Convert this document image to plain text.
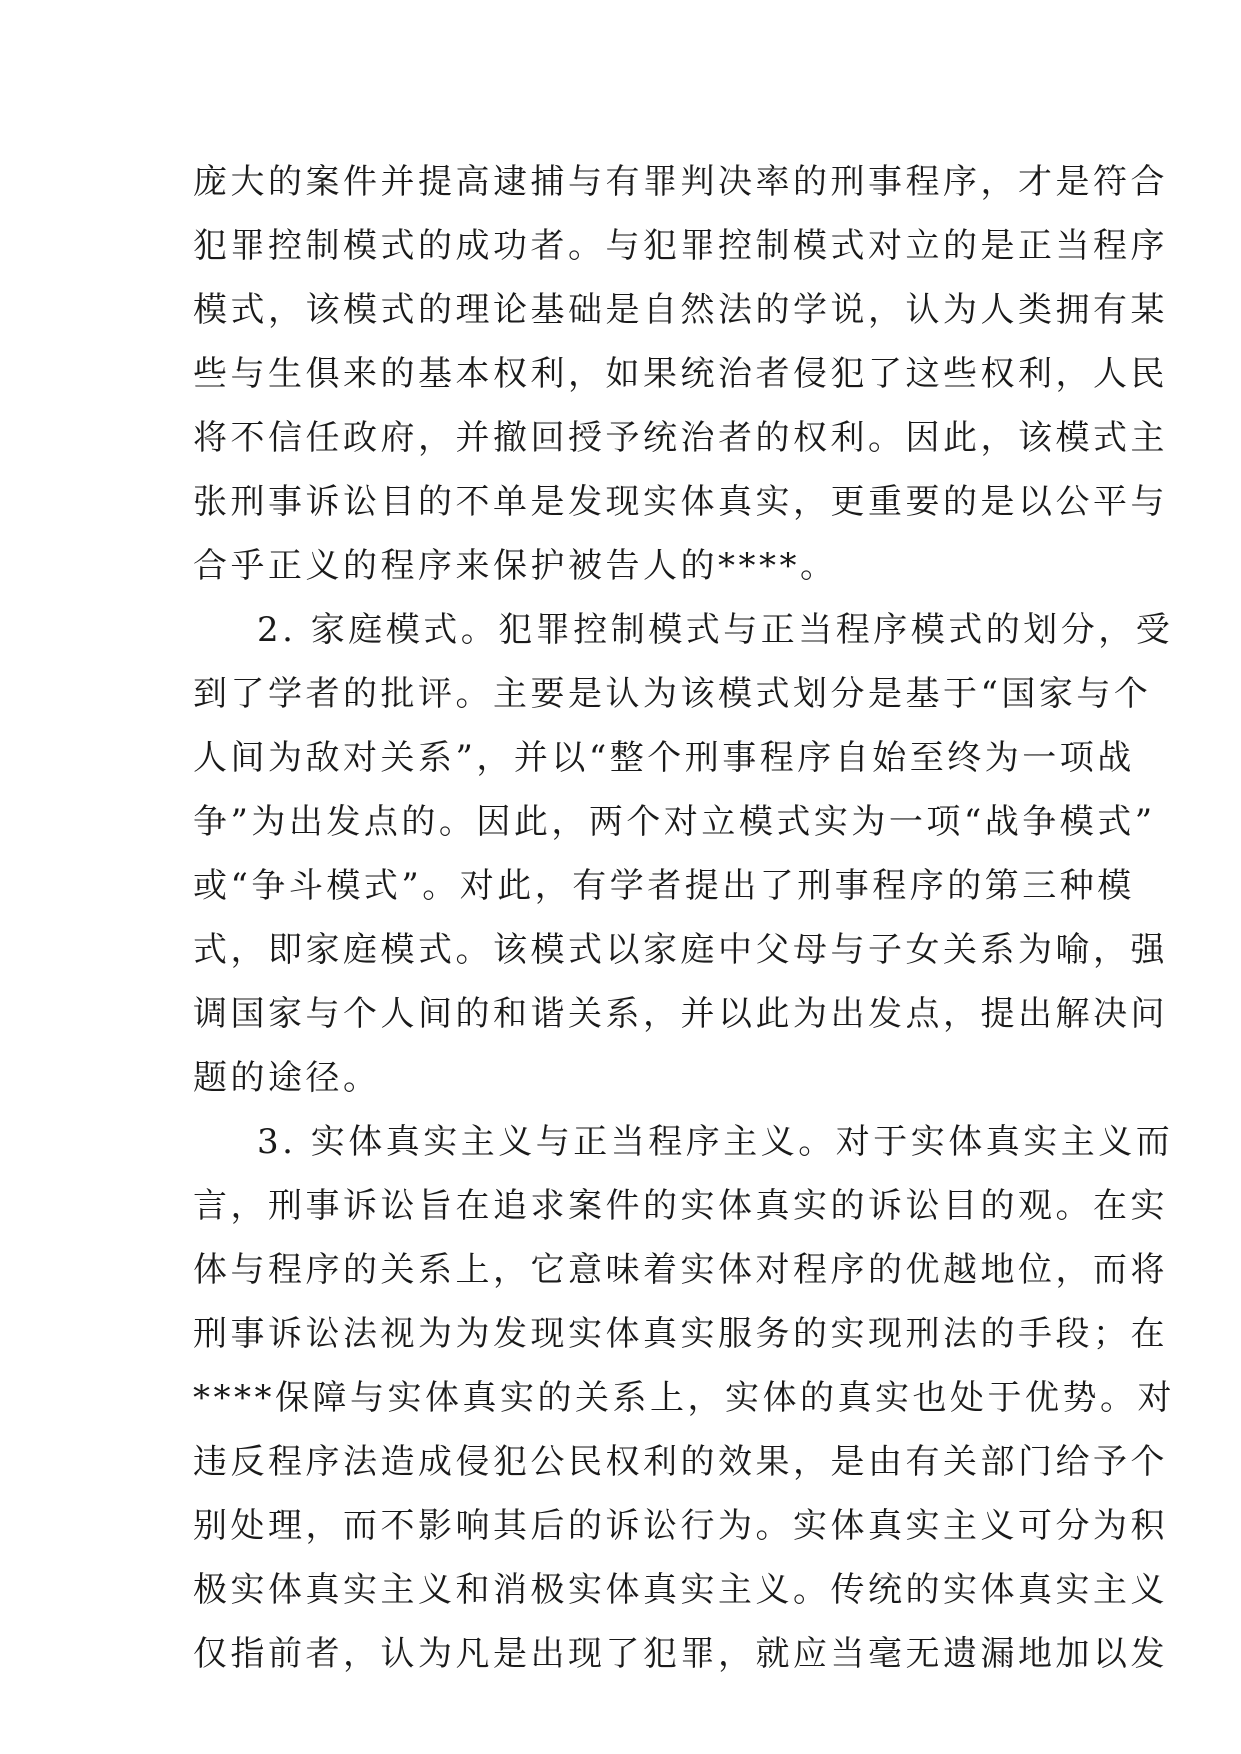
庞大的案件并提高逮捕与有罪判决率的刑事程序，才是符合
犯罪控制模式的成功者。与犯罪控制模式对立的是正当程序
模式，该模式的理论基础是自然法的学说，认为人类拥有某
些与生俱来的基本权利，如果统治者侵犯了这些权利，人民
将不信任政府，并撤回授予统治者的权利。因此，该模式主
张刑事诉讼目的不单是发现实体真实，更重要的是以公平与
合乎正义的程序来保护被告人的****。
2. 家庭模式。犯罪控制模式与正当程序模式的划分，受
到了学者的批评。主要是认为该模式划分是基于“国家与个
人间为敌对关系”，并以“整个刑事程序自始至终为一项战
争”为出发点的。因此，两个对立模式实为一项“战争模式”
或“争斗模式”。对此，有学者提出了刑事程序的第三种模
式，即家庭模式。该模式以家庭中父母与子女关系为喻，强
调国家与个人间的和谐关系，并以此为出发点，提出解决问
题的途径。
3. 实体真实主义与正当程序主义。对于实体真实主义而
言，刑事诉讼旨在追求案件的实体真实的诉讼目的观。在实
体与程序的关系上，它意味着实体对程序的优越地位，而将
刑事诉讼法视为为发现实体真实服务的实现刑法的手段；在
****保障与实体真实的关系上，实体的真实也处于优势。对
违反程序法造成侵犯公民权利的效果，是由有关部门给予个
别处理，而不影响其后的诉讼行为。实体真实主义可分为积
极实体真实主义和消极实体真实主义。传统的实体真实主义
仅指前者，认为凡是出现了犯罪，就应当毫无遗漏地加以发
